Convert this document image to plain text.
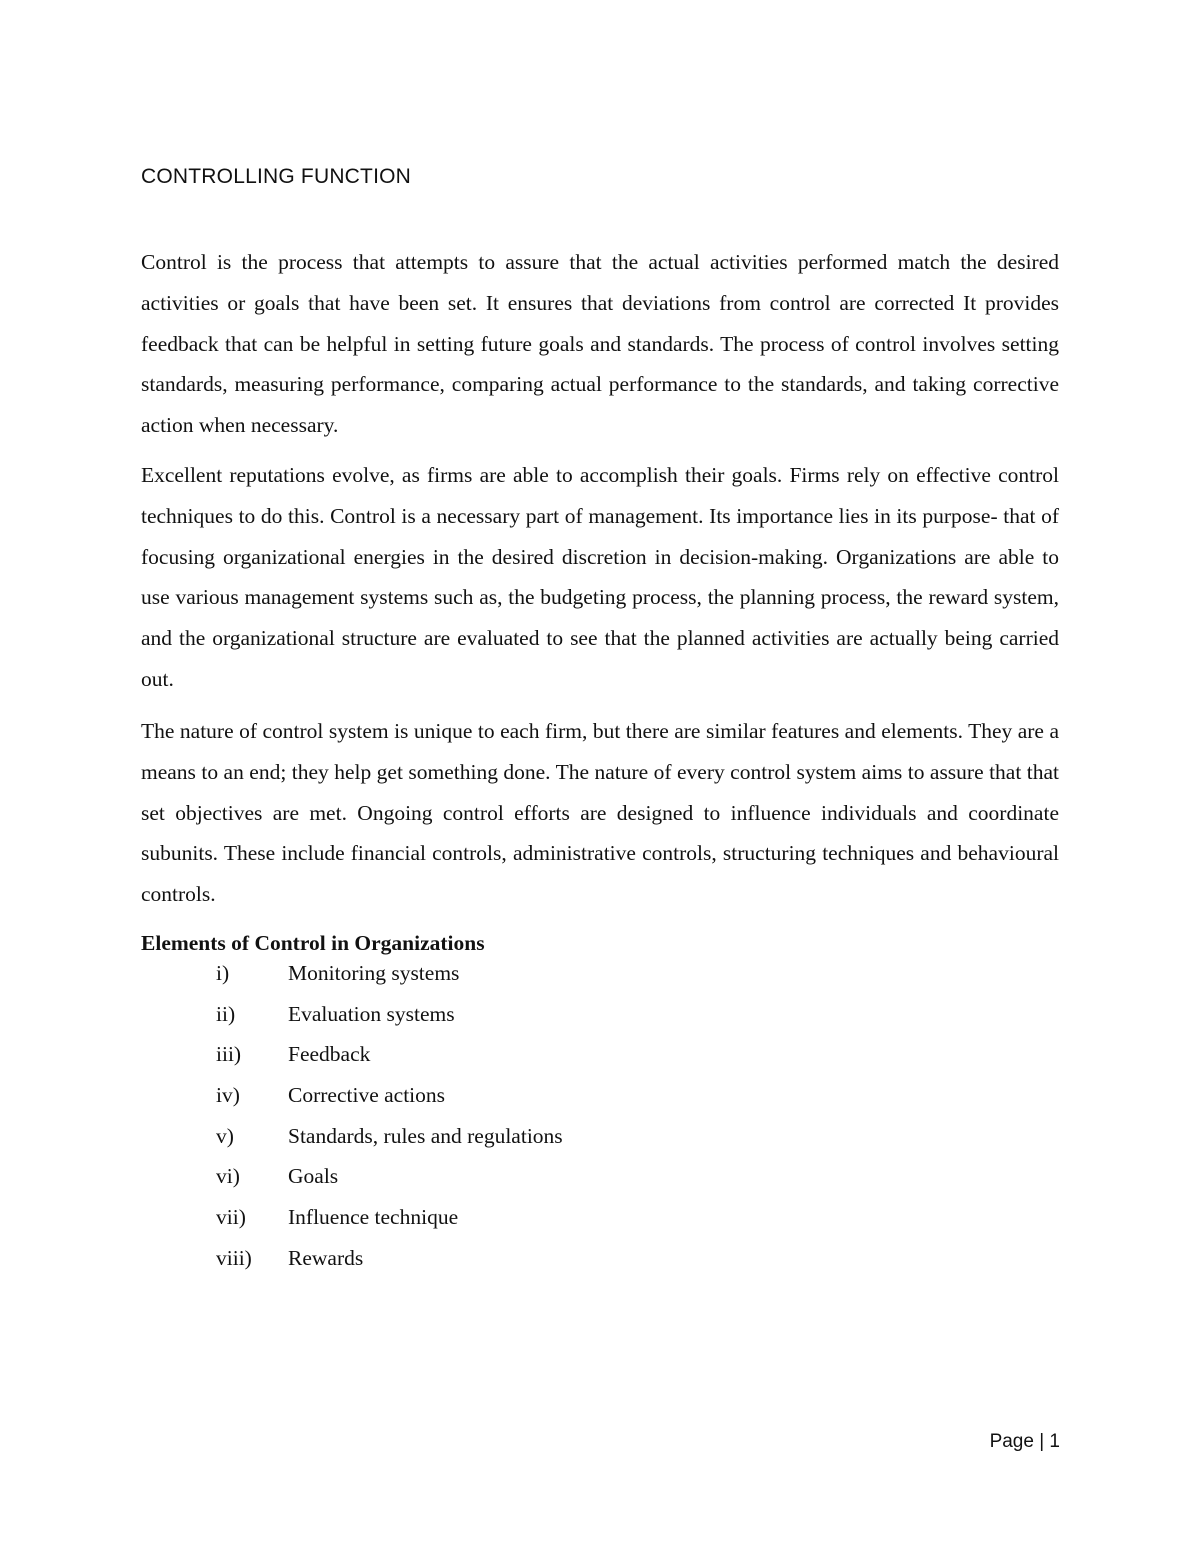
CONTROLLING FUNCTION

Control is the process that attempts to assure that the actual activities performed match the desired activities or goals that have been set. It ensures that deviations from control are corrected It provides feedback that can be helpful in setting future goals and standards. The process of control involves setting standards, measuring performance, comparing actual performance to the standards, and taking corrective action when necessary.

Excellent reputations evolve, as firms are able to accomplish their goals. Firms rely on effective control techniques to do this. Control is a necessary part of management. Its importance lies in its purpose- that of focusing organizational energies in the desired discretion in decision-making. Organizations are able to use various management systems such as, the budgeting process, the planning process, the reward system, and the organizational structure are evaluated to see that the planned activities are actually being carried out.

The nature of control system is unique to each firm, but there are similar features and elements. They are a means to an end; they help get something done. The nature of every control system aims to assure that that set objectives are met. Ongoing control efforts are designed to influence individuals and coordinate subunits. These include financial controls, administrative controls, structuring techniques and behavioural controls.

Elements of Control in Organizations
i)	Monitoring systems
ii) Evaluation systems
iii) Feedback
iv) Corrective actions
v)	Standards, rules and regulations
vi) Goals
vii) Influence technique
viii) Rewards
Page | 1
